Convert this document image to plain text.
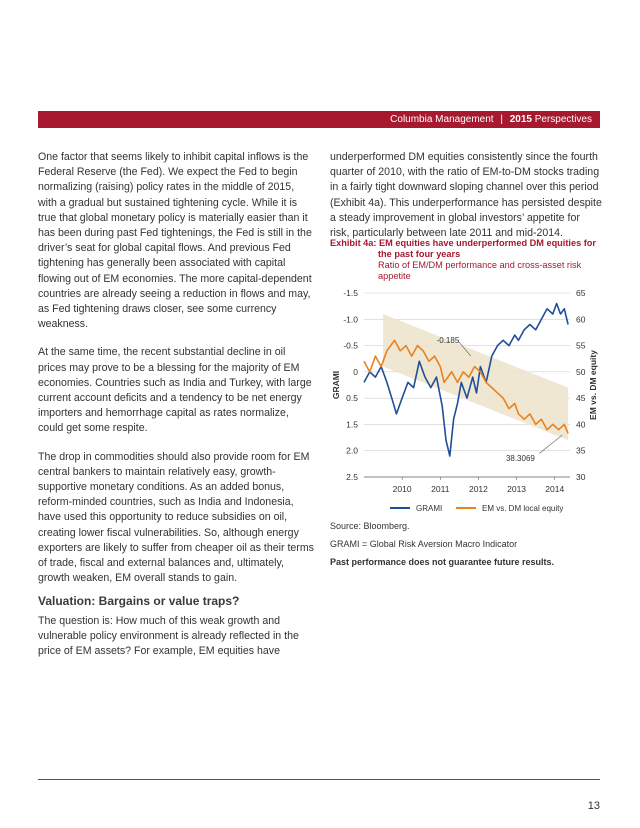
Columbia Management | 2015 Perspectives

One factor that seems likely to inhibit capital inflows is the Federal Reserve (the Fed). We expect the Fed to begin normalizing (raising) policy rates in the middle of 2015, with a gradual but sustained tightening cycle. While it is true that global monetary policy is materially easier than it has been during past Fed tightenings, the Fed is still in the driver’s seat for global capital flows. And previous Fed tightening has generally been associated with capital flowing out of EM economies. The more capital-dependent countries are already seeing a reduction in flows and may, as Fed tightening draws closer, see some currency weakness.

At the same time, the recent substantial decline in oil prices may prove to be a blessing for the majority of EM economies. Countries such as India and Turkey, with large current account deficits and a tendency to be net energy importers and hemorrhage capital as rates normalize, could get some respite.

The drop in commodities should also provide room for EM central bankers to maintain relatively easy, growth-supportive monetary conditions. As an added bonus, reform-minded countries, such as India and Indonesia, have used this opportunity to reduce subsidies on oil, creating lower fiscal vulnerabilities. So, although energy exporters are likely to suffer from cheaper oil as their terms of trade, fiscal and external balances and, ultimately, growth weaken, EM overall stands to gain.

Valuation: Bargains or value traps?

The question is: How much of this weak growth and vulnerable policy environment is already reflected in the price of EM assets? For example, EM equities have

underperformed DM equities consistently since the fourth quarter of 2010, with the ratio of EM-to-DM stocks trading in a fairly tight downward sloping channel over this period (Exhibit 4a). This underperformance has persisted despite a steady improvement in global investors’ appetite for risk, particularly between late 2011 and mid-2014.

Exhibit 4a: EM equities have underperformed DM equities for
the past four years
Ratio of EM/DM performance and cross-asset risk
appetite
-1.5
-1.0
-0.5
0
0.5
1.5
2.0
2.5
65
60
55
50
45
40
35
30
2010 2011 2012 2013 2014
GRAMI	EM vs. DM equity
-0.185
38.3069
GRAMI	EM vs. DM local equity

Source: Bloomberg.

GRAMI = Global Risk Aversion Macro Indicator

Past performance does not guarantee future results.

13
